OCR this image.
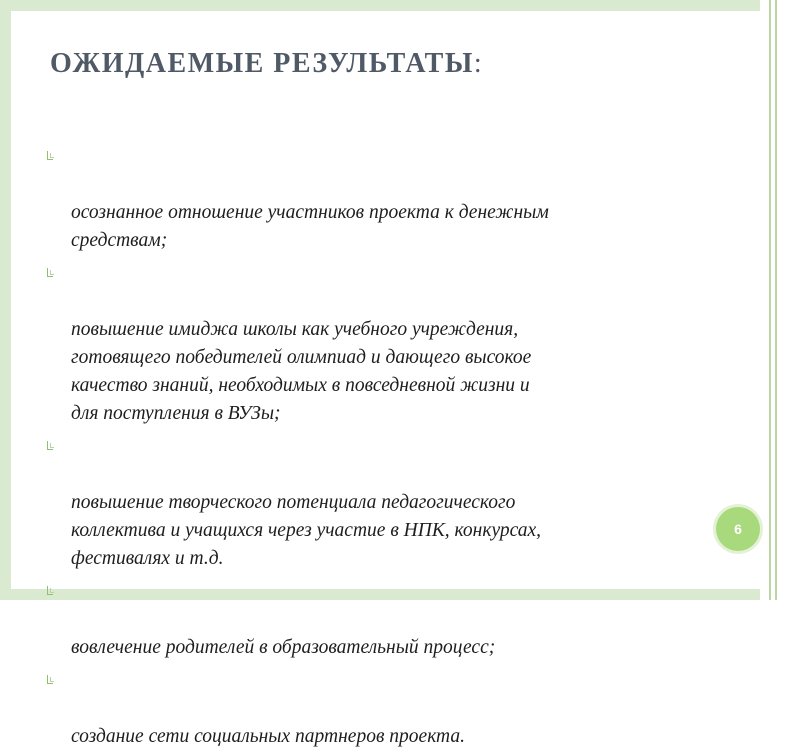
ОЖИДАЕМЫЕ РЕЗУЛЬТАТЫ:

осознанное отношение участников проекта к денежным
средствам;

повышение имиджа школы как учебного учреждения,
готовящего победителей олимпиад и дающего высокое
качество знаний, необходимых в повседневной жизни и
для поступления в ВУЗы;

повышение творческого потенциала педагогического
коллектива и учащихся через участие в НПК, конкурсах,
фестивалях и т.д.

вовлечение родителей в образовательный процесс;

создание сети социальных партнеров проекта.

6
